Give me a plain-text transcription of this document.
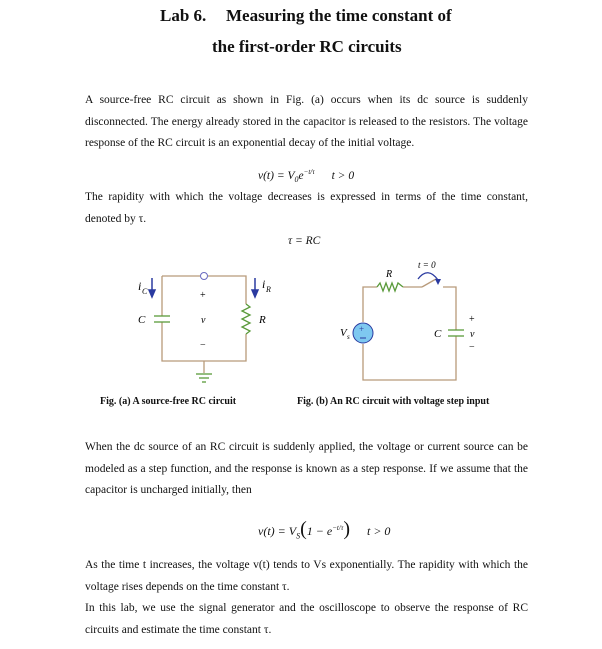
Lab 6. Measuring the time constant of
the first-order RC circuits
A source-free RC circuit as shown in Fig. (a) occurs when its dc source is suddenly disconnected. The energy already stored in the capacitor is released to the resistors. The voltage response of the RC circuit is an exponential decay of the initial voltage.
$v(t) = V_0e^{-t/\tau}$ t > 0
The rapidity with which the voltage decreases is expressed in terms of the time constant, denoted by τ.
τ = RC
i C
i R
C	R
+
v
−
+
R
t = 0
V s	C
+
v
−
Fig. (a) A source-free RC circuit	Fig. (b) An RC circuit with voltage step input
When the dc source of an RC circuit is suddenly applied, the voltage or current source can be modeled as a step function, and the response is known as a step response. If we assume that the capacitor is uncharged initially, then
$v(t) = V_S(1 - e^{-t/\tau}) t > 0$
As the time t increases, the voltage v(t) tends to Vs exponentially. The rapidity with which the voltage rises depends on the time constant τ.
In this lab, we use the signal generator and the oscilloscope to observe the response of RC circuits and estimate the time constant τ.
